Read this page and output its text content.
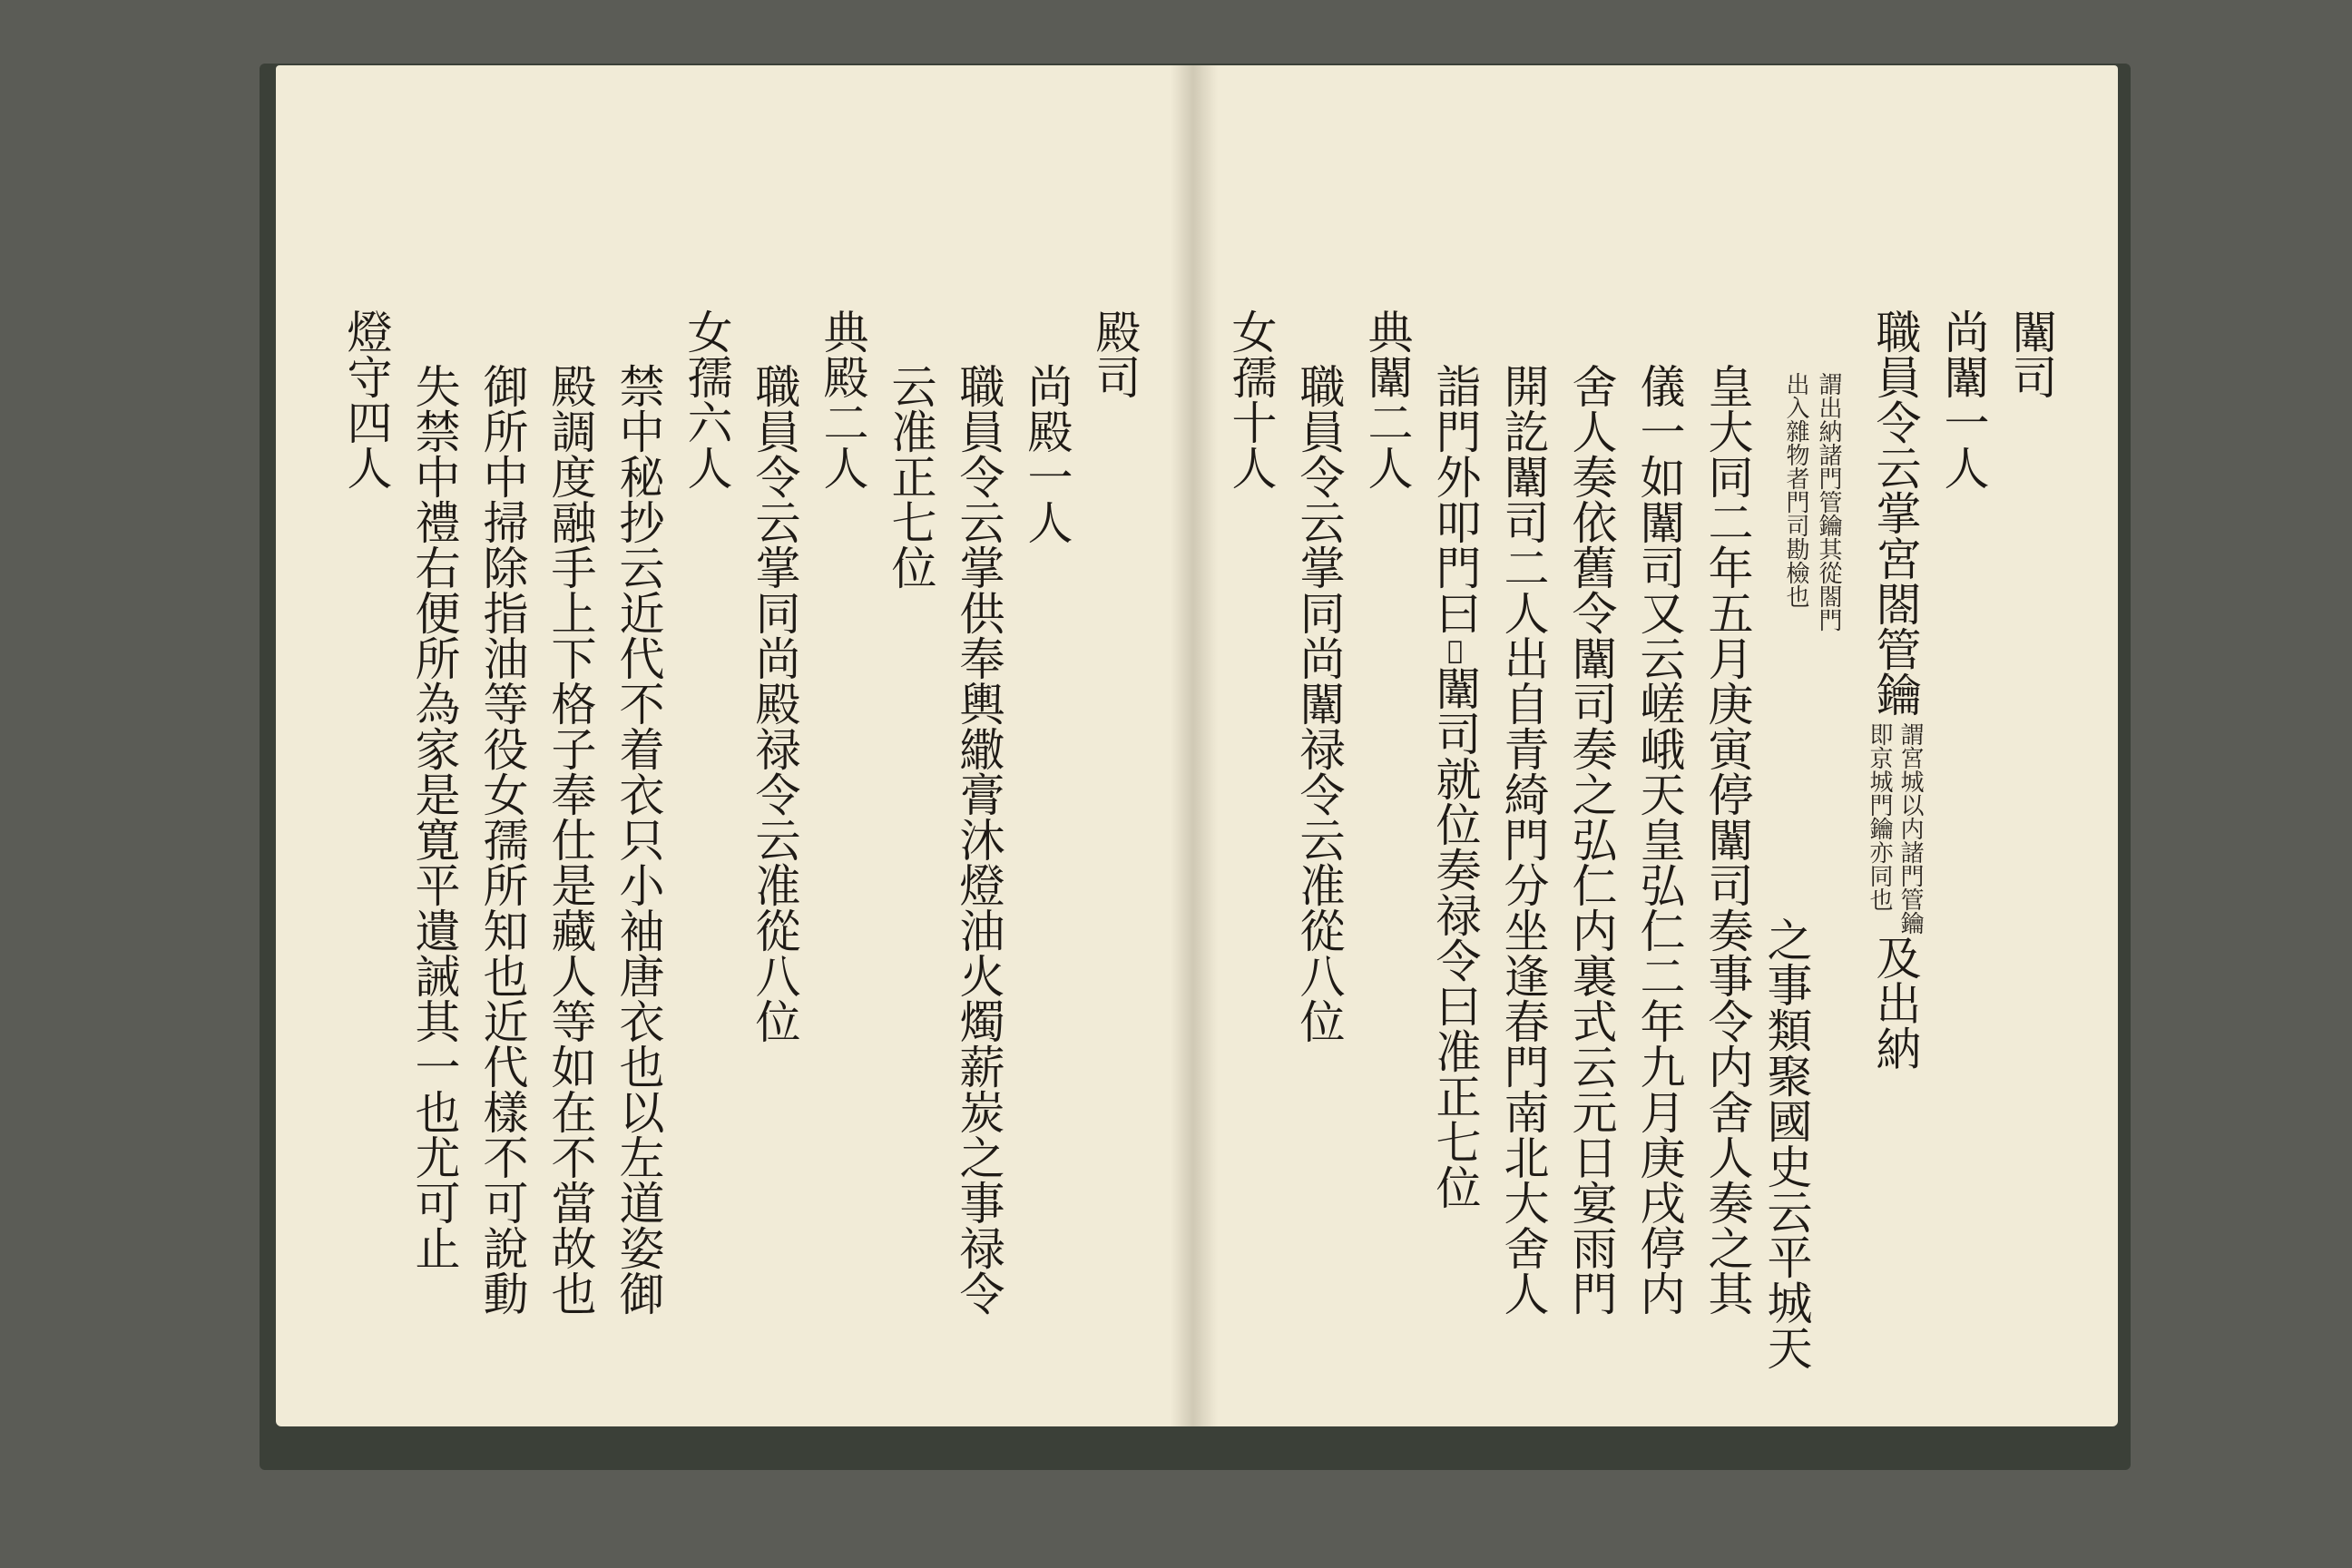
闈司
尚闈一人
職員令云掌宮閤管鑰
謂宮城以内諸門管鑰
即京城門鑰亦同也
及出納
謂出納諸門管鑰其從閤門
出入雜物者門司勘檢也
之事類聚國史云平城天
皇大同二年五月庚寅停闈司奏事令内舍人奏之其
儀一如闈司又云嵯峨天皇弘仁二年九月庚戌停内
舍人奏依舊令闈司奏之弘仁内裏式云元日宴雨門
開訖闈司二人出自青綺門分坐逢春門南北大舍人
詣門外叩門曰
𫟪
闈司就位奏禄令曰准正七位
典闈二人
職員令云掌同尚闈禄令云准從八位
女孺十人
殿司
尚殿一人
職員令云掌供奉輿繖膏沐燈油火燭薪炭之事禄令
云准正七位
典殿二人
職員令云掌同尚殿禄令云准從八位
女孺六人
禁中秘抄云近代不着衣只小袖唐衣也以左道姿御
殿調度融手上下格子奉仕是藏人等如在不當故也
御所中掃除指油等役女孺所知也近代樣不可說動
失禁中禮右便所為家是寛平遺誡其一也尤可止
燈守四人
